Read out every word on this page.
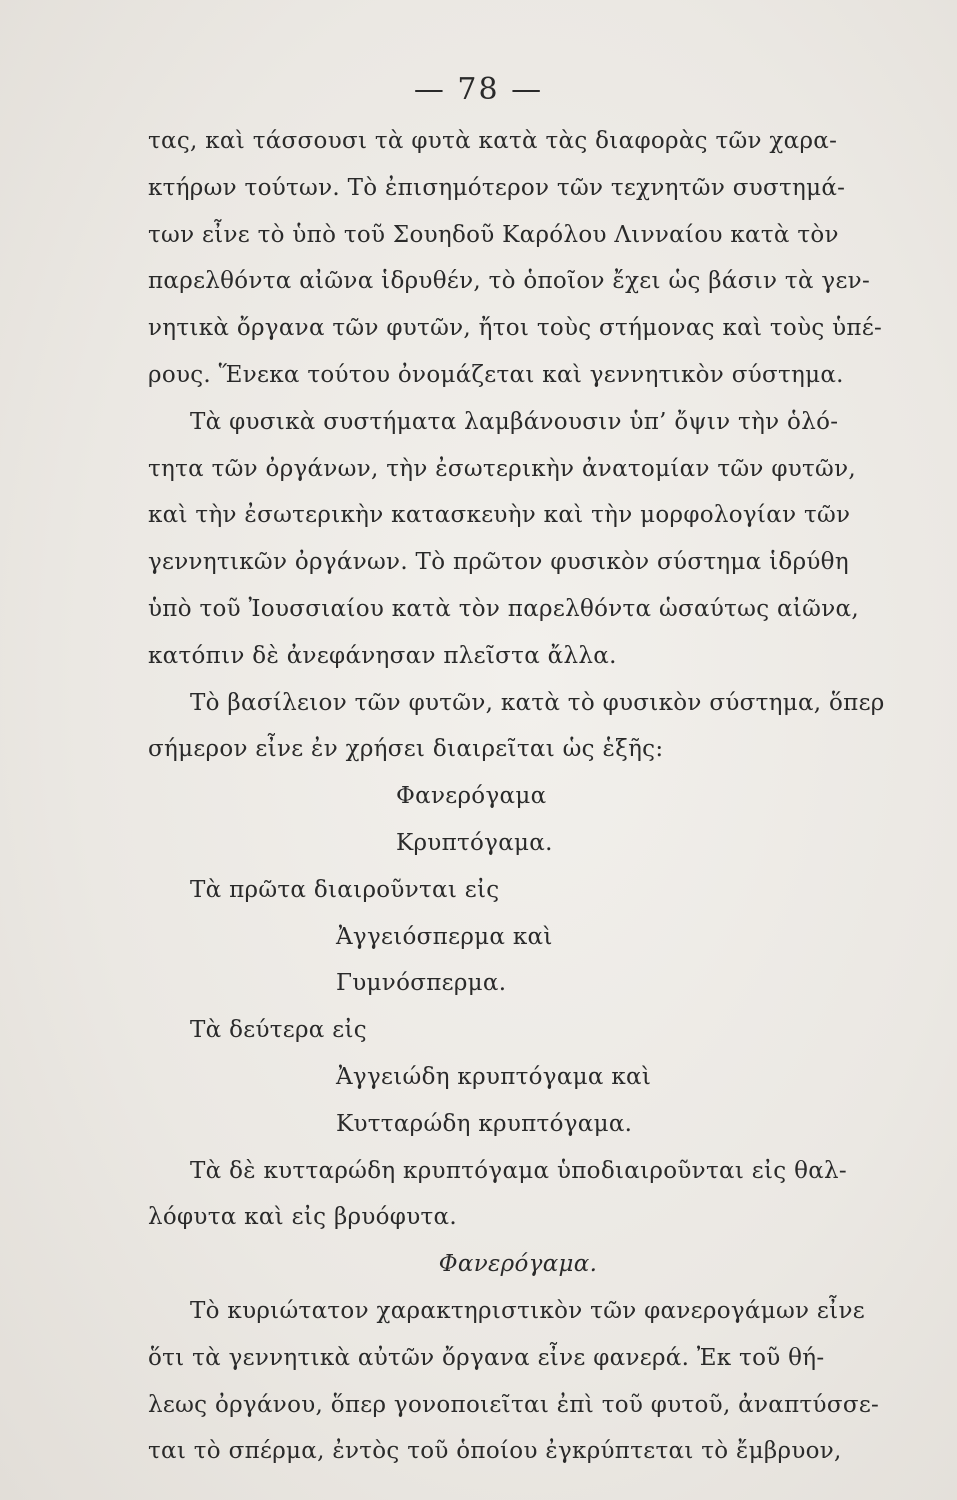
— 78 —
τας, καὶ τάσσουσι τὰ φυτὰ κατὰ τὰς διαφορὰς τῶν χαρα-
κτήρων τούτων. Τὸ ἐπισημότερον τῶν τεχνητῶν συστημά-
των εἶνε τὸ ὑπὸ τοῦ Σουηδοῦ Καρόλου Λινναίου κατὰ τὸν
παρελθόντα αἰῶνα ἱδρυθέν, τὸ ὁποῖον ἔχει ὡς βάσιν τὰ γεν-
νητικὰ ὄργανα τῶν φυτῶν, ἤτοι τοὺς στήμονας καὶ τοὺς ὑπέ-
ρους. Ἕνεκα τούτου ὀνομάζεται καὶ γεννητικὸν σύστημα.
Τὰ φυσικὰ συστήματα λαμβάνουσιν ὑπ’ ὄψιν τὴν ὁλό-
τητα τῶν ὀργάνων, τὴν ἐσωτερικὴν ἀνατομίαν τῶν φυτῶν,
καὶ τὴν ἐσωτερικὴν κατασκευὴν καὶ τὴν μορφολογίαν τῶν
γεννητικῶν ὀργάνων. Τὸ πρῶτον φυσικὸν σύστημα ἱδρύθη
ὑπὸ τοῦ Ἰουσσιαίου κατὰ τὸν παρελθόντα ὡσαύτως αἰῶνα,
κατόπιν δὲ ἀνεφάνησαν πλεῖστα ἄλλα.
Τὸ βασίλειον τῶν φυτῶν, κατὰ τὸ φυσικὸν σύστημα, ὅπερ
σήμερον εἶνε ἐν χρήσει διαιρεῖται ὡς ἑξῆς:
Φανερόγαμα
Κρυπτόγαμα.
Τὰ πρῶτα διαιροῦνται εἰς
Ἀγγειόσπερμα καὶ
Γυμνόσπερμα.
Τὰ δεύτερα εἰς
Ἀγγειώδη κρυπτόγαμα καὶ
Κυτταρώδη κρυπτόγαμα.
Τὰ δὲ κυτταρώδη κρυπτόγαμα ὑποδιαιροῦνται εἰς θαλ-
λόφυτα καὶ εἰς βρυόφυτα.
Φανερόγαμα.
Τὸ κυριώτατον χαρακτηριστικὸν τῶν φανερογάμων εἶνε
ὅτι τὰ γεννητικὰ αὐτῶν ὄργανα εἶνε φανερά. Ἐκ τοῦ θή-
λεως ὀργάνου, ὅπερ γονοποιεῖται ἐπὶ τοῦ φυτοῦ, ἀναπτύσσε-
ται τὸ σπέρμα, ἐντὸς τοῦ ὁποίου ἐγκρύπτεται τὸ ἔμβρυον,
